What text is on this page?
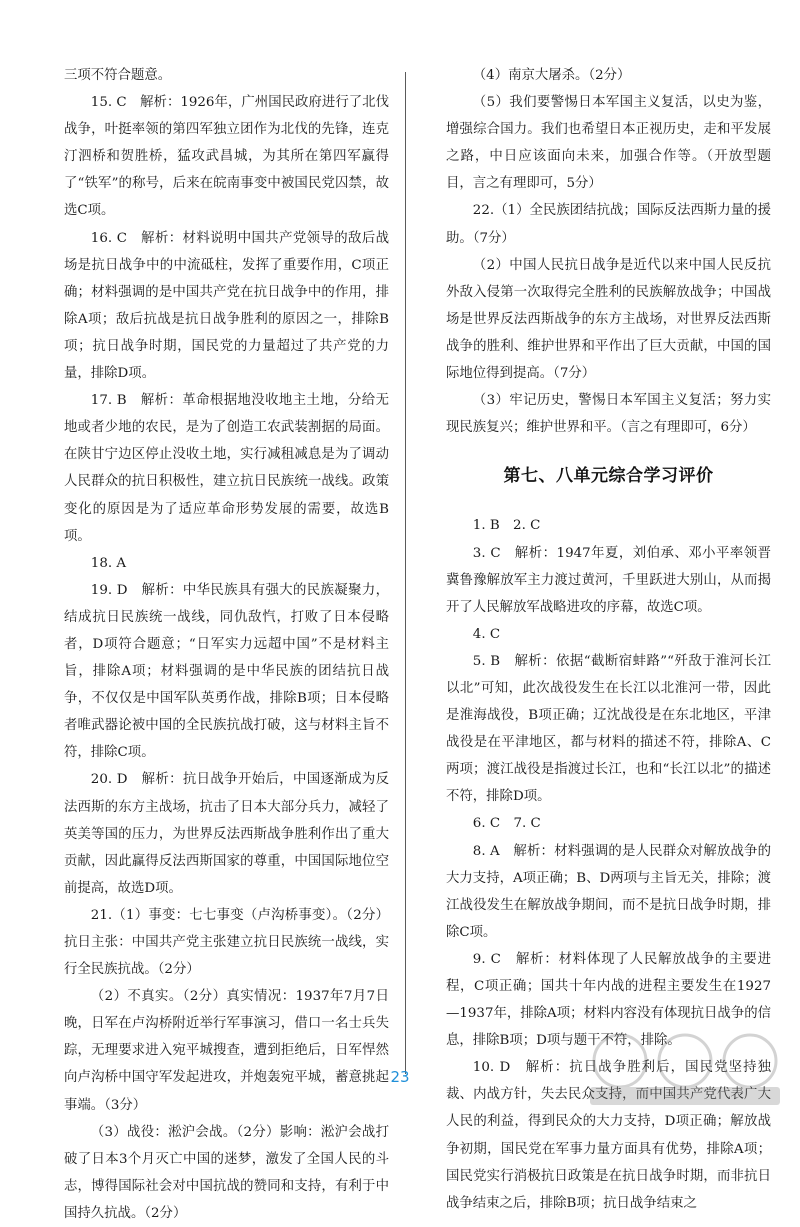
三项不符合题意。

15. C　解析：1926年，广州国民政府进行了北伐战争，叶挺率领的第四军独立团作为北伐的先锋，连克汀泗桥和贺胜桥，猛攻武昌城，为其所在第四军赢得了“铁军”的称号，后来在皖南事变中被国民党囚禁，故选C项。

16. C　解析：材料说明中国共产党领导的敌后战场是抗日战争中的中流砥柱，发挥了重要作用，C项正确；材料强调的是中国共产党在抗日战争中的作用，排除A项；敌后抗战是抗日战争胜利的原因之一，排除B项；抗日战争时期，国民党的力量超过了共产党的力量，排除D项。

17. B　解析：革命根据地没收地主土地，分给无地或者少地的农民，是为了创造工农武装割据的局面。在陕甘宁边区停止没收土地，实行减租减息是为了调动人民群众的抗日积极性，建立抗日民族统一战线。政策变化的原因是为了适应革命形势发展的需要，故选B项。

18. A

19. D　解析：中华民族具有强大的民族凝聚力，结成抗日民族统一战线，同仇敌忾，打败了日本侵略者，D项符合题意；“日军实力远超中国”不是材料主旨，排除A项；材料强调的是中华民族的团结抗日战争，不仅仅是中国军队英勇作战，排除B项；日本侵略者唯武器论被中国的全民族抗战打破，这与材料主旨不符，排除C项。

20. D　解析：抗日战争开始后，中国逐渐成为反法西斯的东方主战场，抗击了日本大部分兵力，减轻了英美等国的压力，为世界反法西斯战争胜利作出了重大贡献，因此赢得反法西斯国家的尊重，中国国际地位空前提高，故选D项。

21.（1）事变：七七事变（卢沟桥事变）。（2分）抗日主张：中国共产党主张建立抗日民族统一战线，实行全民族抗战。（2分）

（2）不真实。（2分）真实情况：1937年7月7日晚，日军在卢沟桥附近举行军事演习，借口一名士兵失踪，无理要求进入宛平城搜查，遭到拒绝后，日军悍然向卢沟桥中国守军发起进攻，并炮轰宛平城，蓄意挑起事端。（3分）

（3）战役：淞沪会战。（2分）影响：淞沪会战打破了日本3个月灭亡中国的迷梦，激发了全国人民的斗志，博得国际社会对中国抗战的赞同和支持，有利于中国持久抗战。（2分）

（4）南京大屠杀。（2分）

（5）我们要警惕日本军国主义复活，以史为鉴，增强综合国力。我们也希望日本正视历史，走和平发展之路，中日应该面向未来，加强合作等。（开放型题目，言之有理即可，5分）

22.（1）全民族团结抗战；国际反法西斯力量的援助。（7分）

（2）中国人民抗日战争是近代以来中国人民反抗外敌入侵第一次取得完全胜利的民族解放战争；中国战场是世界反法西斯战争的东方主战场，对世界反法西斯战争的胜利、维护世界和平作出了巨大贡献，中国的国际地位得到提高。（7分）

（3）牢记历史，警惕日本军国主义复活；努力实现民族复兴；维护世界和平。（言之有理即可，6分）

第七、八单元综合学习评价

1. B　2. C

3. C　解析：1947年夏，刘伯承、邓小平率领晋冀鲁豫解放军主力渡过黄河，千里跃进大别山，从而揭开了人民解放军战略进攻的序幕，故选C项。

4. C

5. B　解析：依据“截断宿蚌路”“歼敌于淮河长江以北”可知，此次战役发生在长江以北淮河一带，因此是淮海战役，B项正确；辽沈战役是在东北地区，平津战役是在平津地区，都与材料的描述不符，排除A、C两项；渡江战役是指渡过长江，也和“长江以北”的描述不符，排除D项。

6. C　7. C

8. A　解析：材料强调的是人民群众对解放战争的大力支持，A项正确；B、D两项与主旨无关，排除；渡江战役发生在解放战争期间，而不是抗日战争时期，排除C项。

9. C　解析：材料体现了人民解放战争的主要进程，C项正确；国共十年内战的进程主要发生在1927—1937年，排除A项；材料内容没有体现抗日战争的信息，排除B项；D项与题干不符，排除。

10. D　解析：抗日战争胜利后，国民党坚持独裁、内战方针，失去民众支持，而中国共产党代表广大人民的利益，得到民众的大力支持，D项正确；解放战争初期，国民党在军事力量方面具有优势，排除A项；国民党实行消极抗日政策是在抗日战争时期，而非抗日战争结束之后，排除B项；抗日战争结束之

23
